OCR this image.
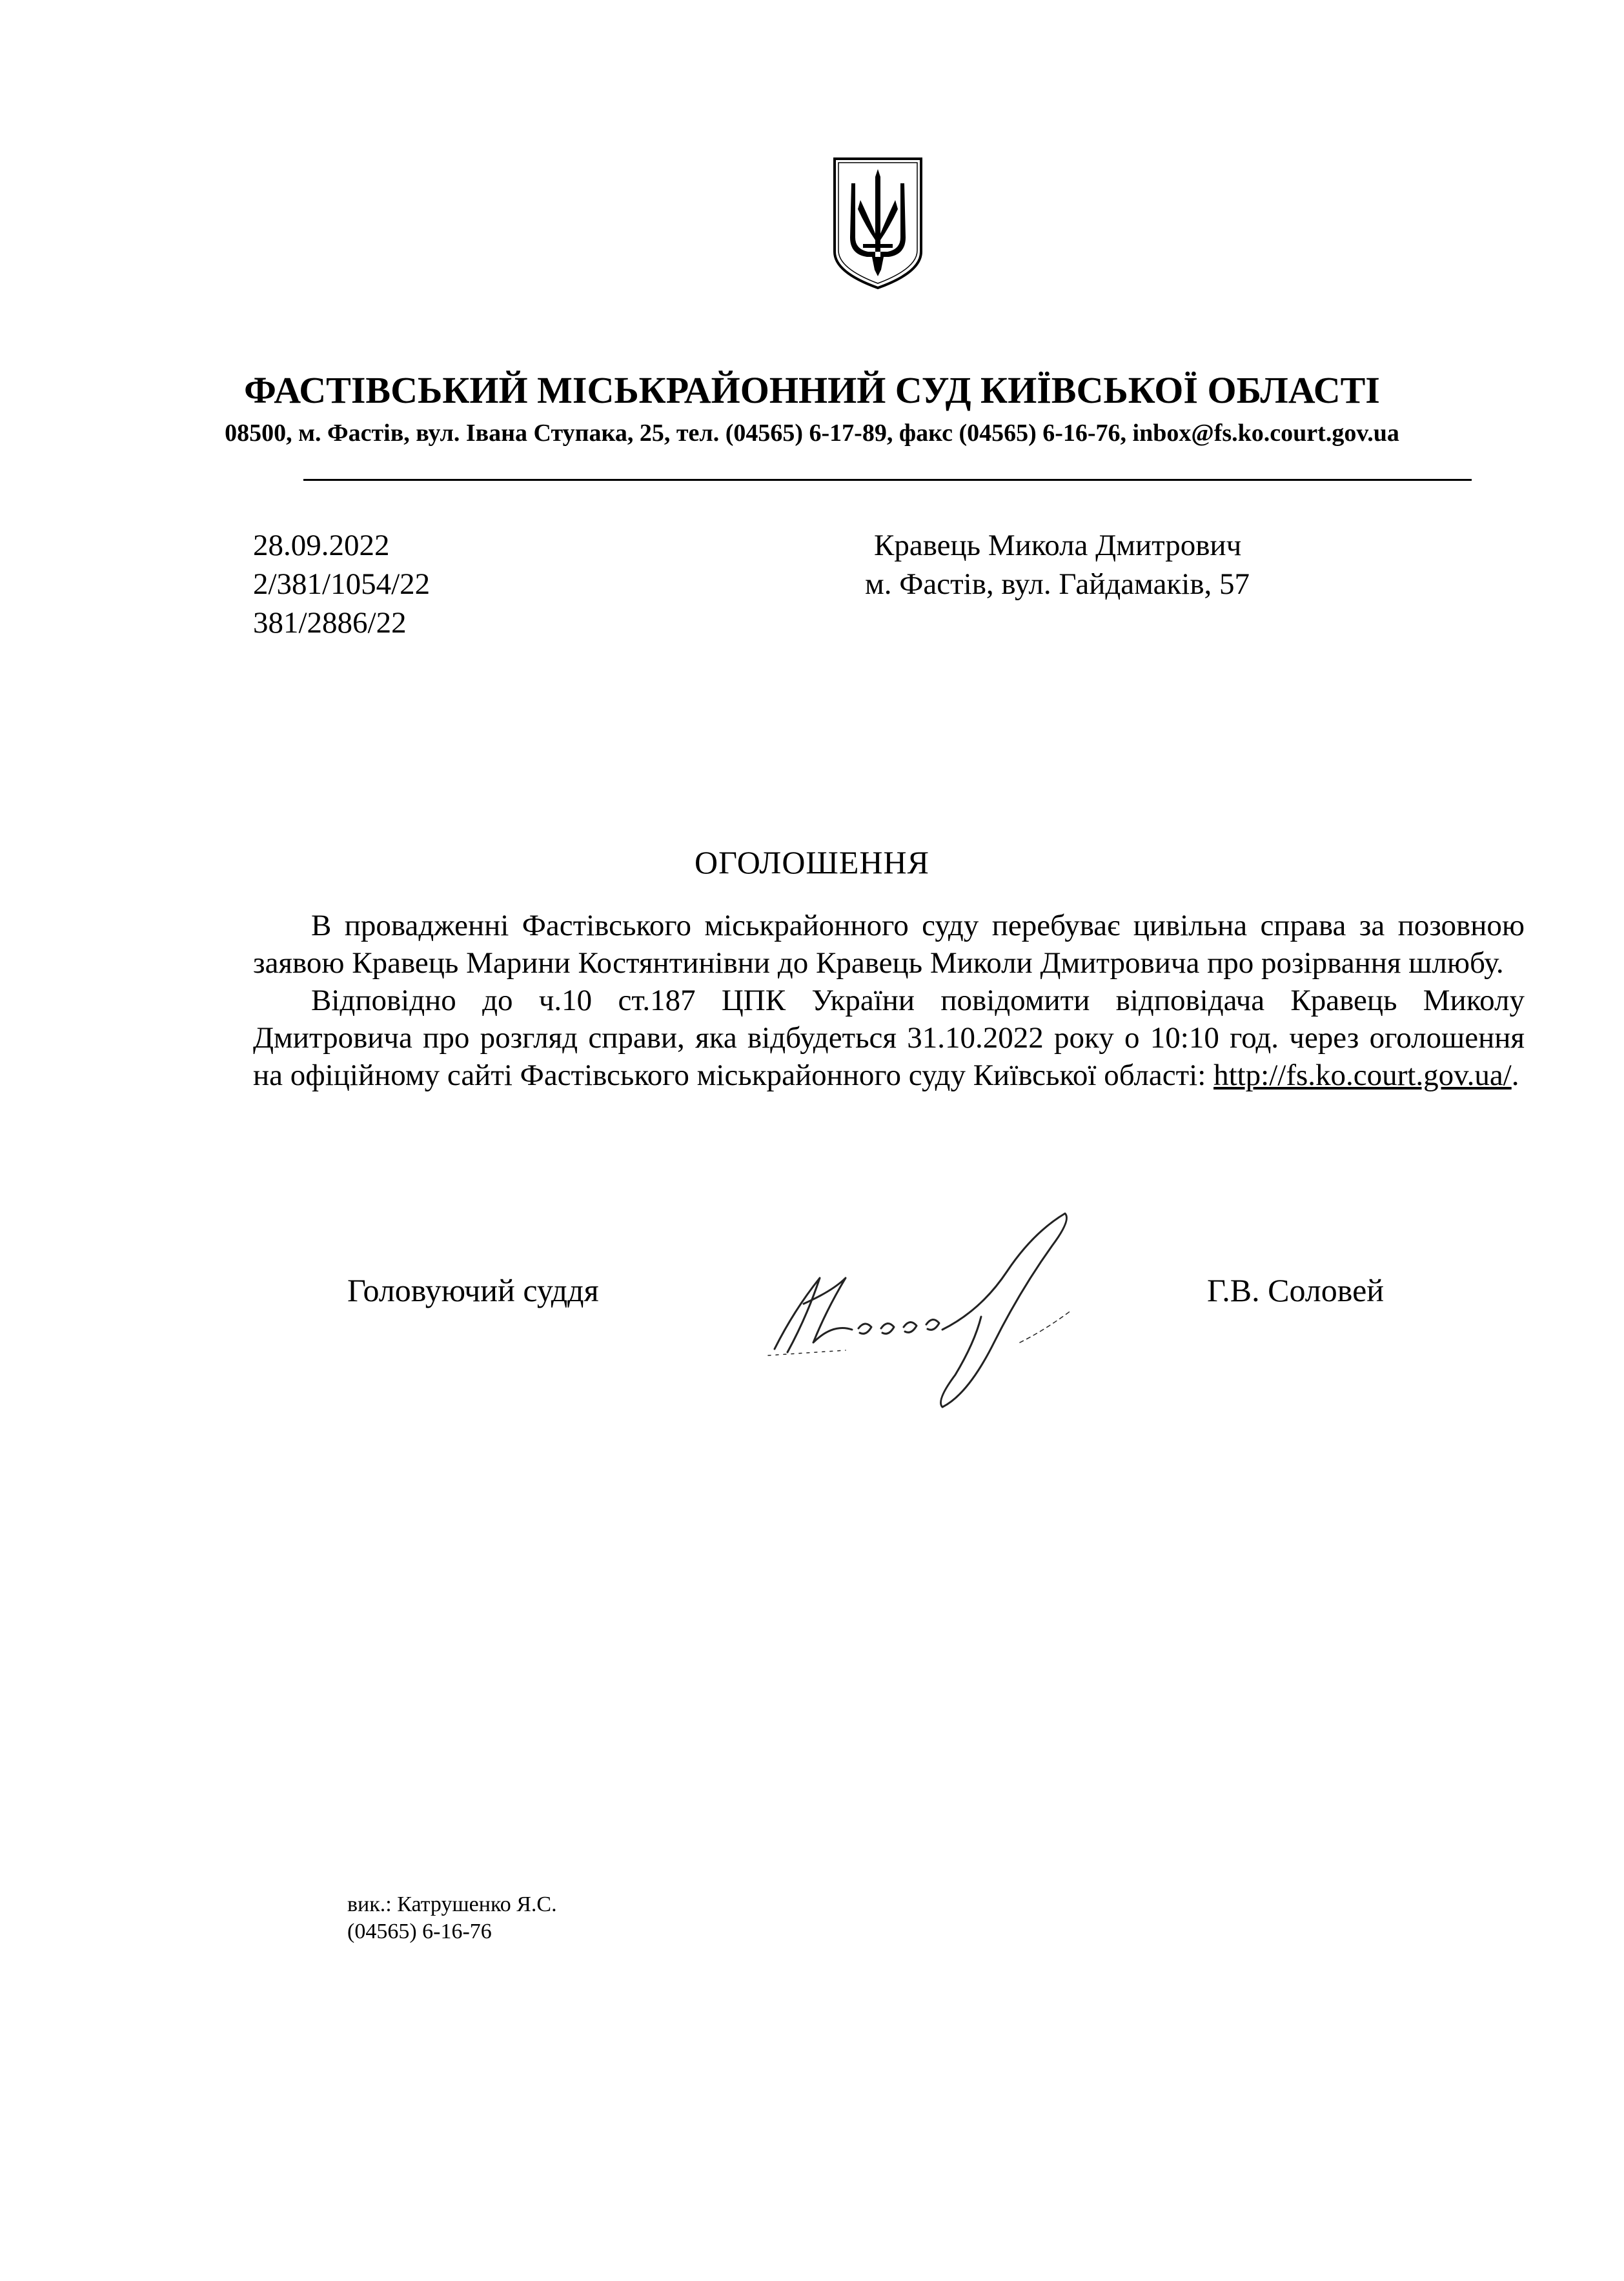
ФАСТІВСЬКИЙ МІСЬКРАЙОННИЙ СУД КИЇВСЬКОЇ ОБЛАСТІ
08500, м. Фастів, вул. Івана Ступака, 25, тел. (04565) 6-17-89, факс (04565) 6-16-76, inbox@fs.ko.court.gov.ua
28.09.2022
2/381/1054/22
381/2886/22
Кравець Микола Дмитрович
м. Фастів, вул. Гайдамаків, 57
ОГОЛОШЕННЯ

В провадженні Фастівського міськрайонного суду перебуває цивільна справа за позовною заявою Кравець Марини Костянтинівни до Кравець Миколи Дмитровича про розірвання шлюбу.

Відповідно до ч.10 ст.187 ЦПК України повідомити відповідача Кравець Миколу Дмитровича про розгляд справи, яка відбудеться 31.10.2022 року о 10:10 год. через оголошення на офіційному сайті Фастівського міськрайонного суду Київської області: http://fs.ko.court.gov.ua/.

Головуючий суддя	Г.В. Соловей
вик.: Катрушенко Я.С.
(04565) 6-16-76
